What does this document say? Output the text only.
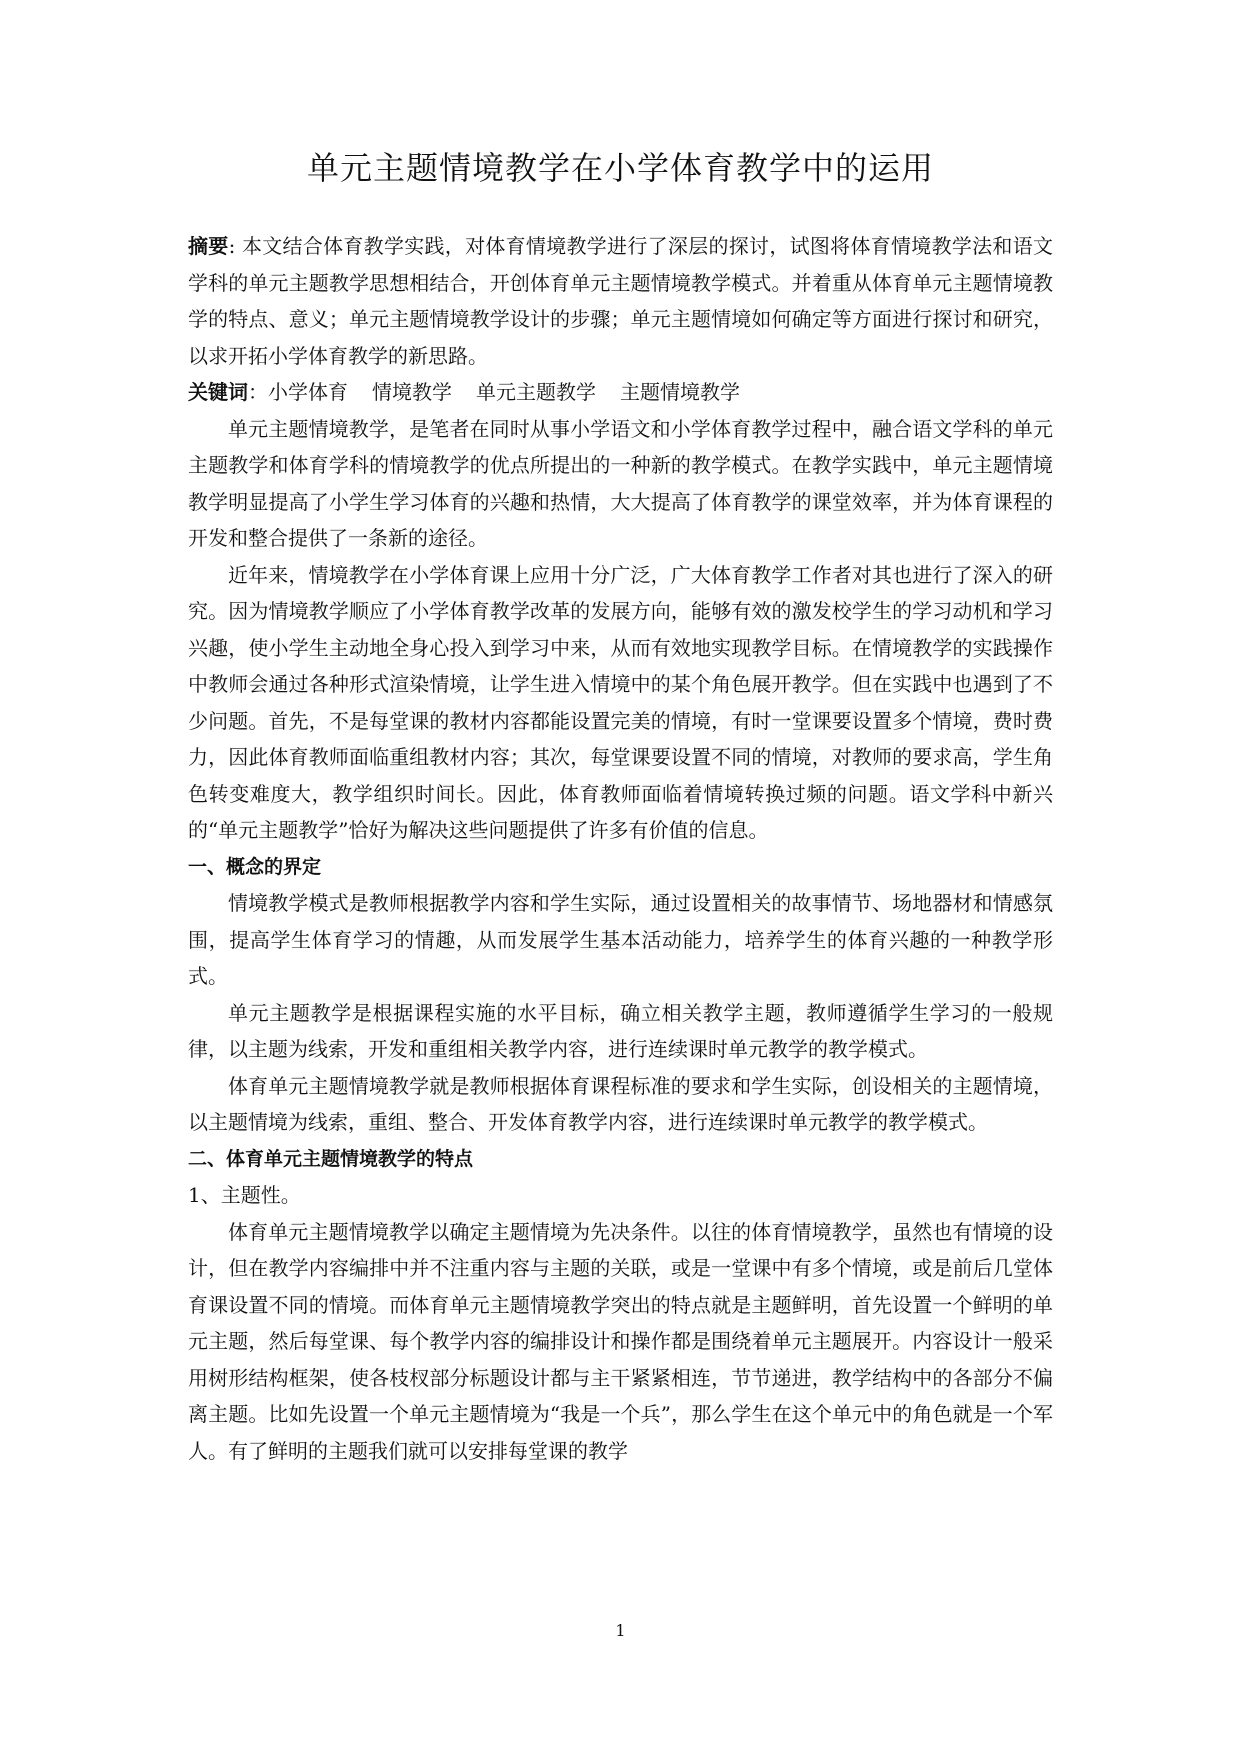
单元主题情境教学在小学体育教学中的运用

摘要: 本文结合体育教学实践，对体育情境教学进行了深层的探讨，试图将体育情境教学法和语文学科的单元主题教学思想相结合，开创体育单元主题情境教学模式。并着重从体育单元主题情境教学的特点、意义；单元主题情境教学设计的步骤；单元主题情境如何确定等方面进行探讨和研究，以求开拓小学体育教学的新思路。

关键词：小学体育 情境教学 单元主题教学 主题情境教学

单元主题情境教学，是笔者在同时从事小学语文和小学体育教学过程中，融合语文学科的单元主题教学和体育学科的情境教学的优点所提出的一种新的教学模式。在教学实践中，单元主题情境教学明显提高了小学生学习体育的兴趣和热情，大大提高了体育教学的课堂效率，并为体育课程的开发和整合提供了一条新的途径。

近年来，情境教学在小学体育课上应用十分广泛，广大体育教学工作者对其也进行了深入的研究。因为情境教学顺应了小学体育教学改革的发展方向，能够有效的激发校学生的学习动机和学习兴趣，使小学生主动地全身心投入到学习中来，从而有效地实现教学目标。在情境教学的实践操作中教师会通过各种形式渲染情境，让学生进入情境中的某个角色展开教学。但在实践中也遇到了不少问题。首先，不是每堂课的教材内容都能设置完美的情境，有时一堂课要设置多个情境，费时费力，因此体育教师面临重组教材内容；其次，每堂课要设置不同的情境，对教师的要求高，学生角色转变难度大，教学组织时间长。因此，体育教师面临着情境转换过频的问题。语文学科中新兴的“单元主题教学”恰好为解决这些问题提供了许多有价值的信息。

一、概念的界定

情境教学模式是教师根据教学内容和学生实际，通过设置相关的故事情节、场地器材和情感氛围，提高学生体育学习的情趣，从而发展学生基本活动能力，培养学生的体育兴趣的一种教学形式。

单元主题教学是根据课程实施的水平目标，确立相关教学主题，教师遵循学生学习的一般规律，以主题为线索，开发和重组相关教学内容，进行连续课时单元教学的教学模式。

体育单元主题情境教学就是教师根据体育课程标准的要求和学生实际，创设相关的主题情境，以主题情境为线索，重组、整合、开发体育教学内容，进行连续课时单元教学的教学模式。

二、体育单元主题情境教学的特点

1、主题性。

体育单元主题情境教学以确定主题情境为先决条件。以往的体育情境教学，虽然也有情境的设计，但在教学内容编排中并不注重内容与主题的关联，或是一堂课中有多个情境，或是前后几堂体育课设置不同的情境。而体育单元主题情境教学突出的特点就是主题鲜明，首先设置一个鲜明的单元主题，然后每堂课、每个教学内容的编排设计和操作都是围绕着单元主题展开。内容设计一般采用树形结构框架，使各枝杈部分标题设计都与主干紧紧相连，节节递进，教学结构中的各部分不偏离主题。比如先设置一个单元主题情境为“我是一个兵”，那么学生在这个单元中的角色就是一个军人。有了鲜明的主题我们就可以安排每堂课的教学

1
